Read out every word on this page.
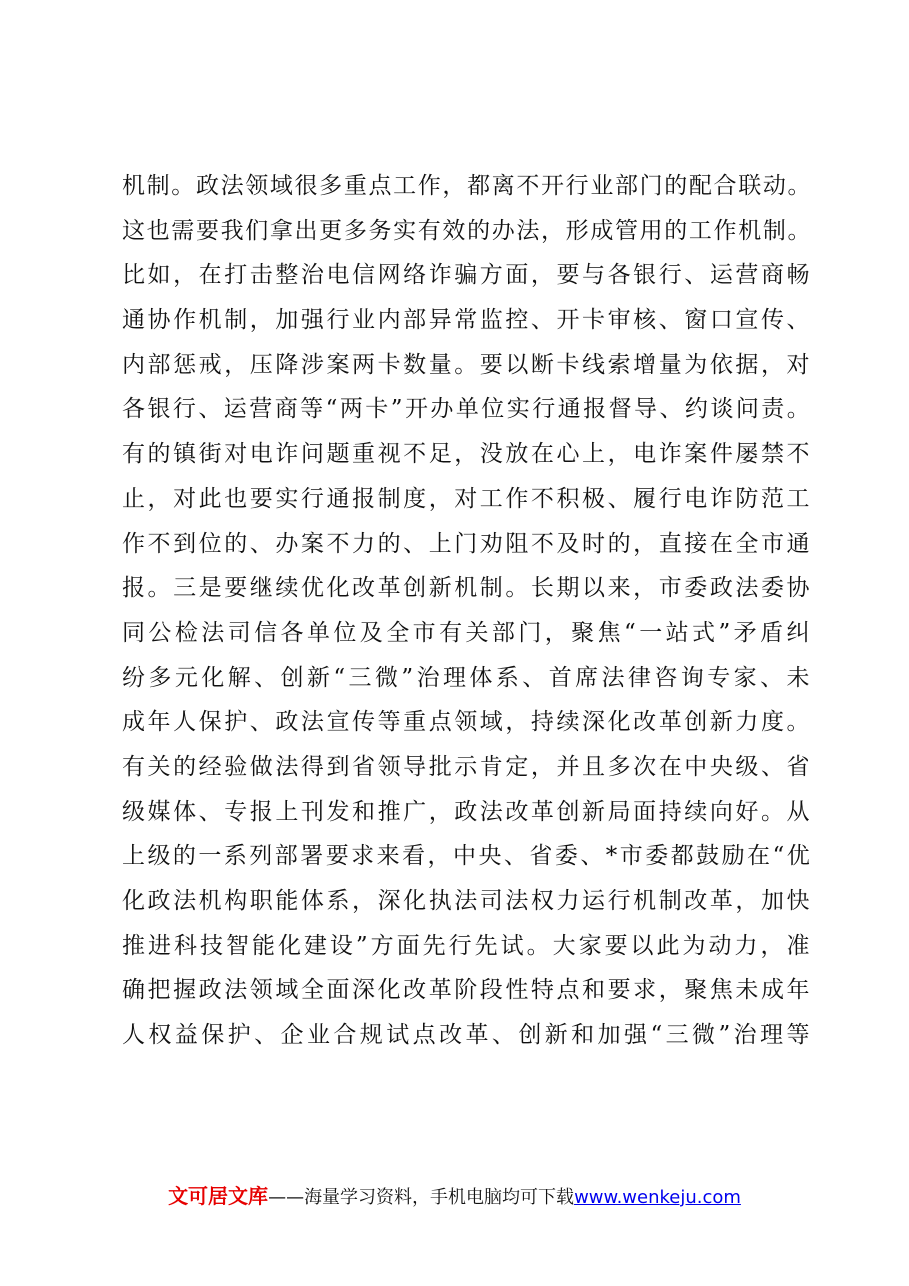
机制。政法领域很多重点工作，都离不开行业部门的配合联动。
这也需要我们拿出更多务实有效的办法，形成管用的工作机制。
比如，在打击整治电信网络诈骗方面，要与各银行、运营商畅
通协作机制，加强行业内部异常监控、开卡审核、窗口宣传、
内部惩戒，压降涉案两卡数量。要以断卡线索增量为依据，对
各银行、运营商等“两卡”开办单位实行通报督导、约谈问责。
有的镇街对电诈问题重视不足，没放在心上，电诈案件屡禁不
止，对此也要实行通报制度，对工作不积极、履行电诈防范工
作不到位的、办案不力的、上门劝阻不及时的，直接在全市通
报。三是要继续优化改革创新机制。长期以来，市委政法委协
同公检法司信各单位及全市有关部门，聚焦“一站式”矛盾纠
纷多元化解、创新“三微”治理体系、首席法律咨询专家、未
成年人保护、政法宣传等重点领域，持续深化改革创新力度。
有关的经验做法得到省领导批示肯定，并且多次在中央级、省
级媒体、专报上刊发和推广，政法改革创新局面持续向好。从
上级的一系列部署要求来看，中央、省委、*市委都鼓励在“优
化政法机构职能体系，深化执法司法权力运行机制改革，加快
推进科技智能化建设”方面先行先试。大家要以此为动力，准
确把握政法领域全面深化改革阶段性特点和要求，聚焦未成年
人权益保护、企业合规试点改革、创新和加强“三微”治理等
文可居文库——海量学习资料，手机电脑均可下载www.wenkeju.com
